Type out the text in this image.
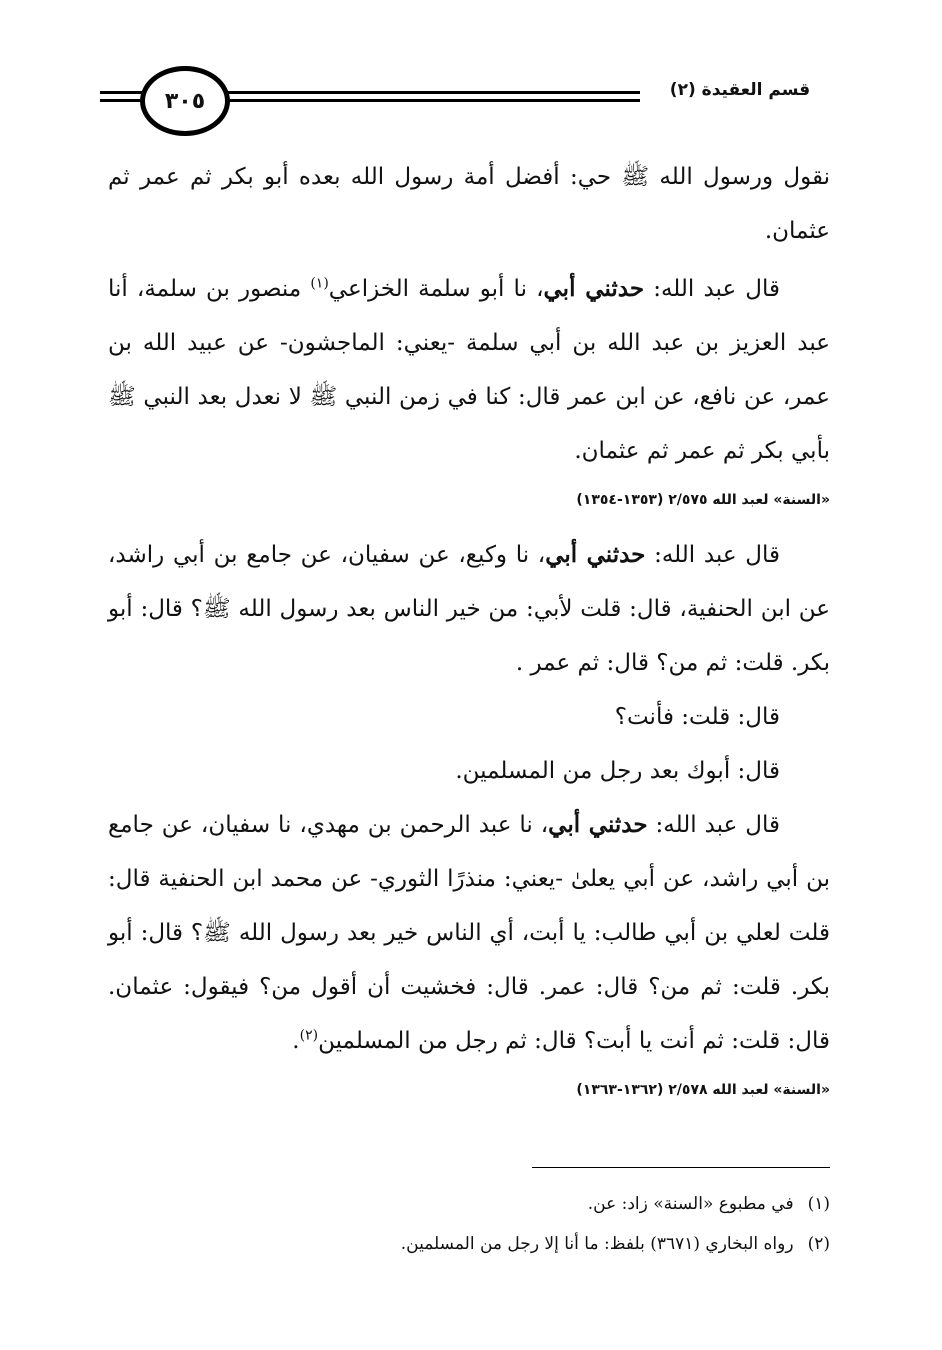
٣٠٥	قسم العقيدة (٢)

نقول ورسول الله ﷺ حي: أفضل أمة رسول الله بعده أبو بكر ثم عمر ثم عثمان.

قال عبد الله: حدثني أبي، نا أبو سلمة الخزاعي$^{(١)}$ منصور بن سلمة، أنا عبد العزيز بن عبد الله بن أبي سلمة -يعني: الماجشون- عن عبيد الله بن عمر، عن نافع، عن ابن عمر قال: كنا في زمن النبي ﷺ لا نعدل بعد النبي ﷺ بأبي بكر ثم عمر ثم عثمان.

«السنة» لعبد الله ٢/٥٧٥ (١٣٥٣-١٣٥٤)

قال عبد الله: حدثني أبي، نا وكيع، عن سفيان، عن جامع بن أبي راشد، عن ابن الحنفية، قال: قلت لأبي: من خير الناس بعد رسول الله ﷺ؟ قال: أبو بكر. قلت: ثم من؟ قال: ثم عمر .

قال: قلت: فأنت؟

قال: أبوك بعد رجل من المسلمين.

قال عبد الله: حدثني أبي، نا عبد الرحمن بن مهدي، نا سفيان، عن جامع بن أبي راشد، عن أبي يعلىٰ -يعني: منذرًا الثوري- عن محمد ابن الحنفية قال: قلت لعلي بن أبي طالب: يا أبت، أي الناس خير بعد رسول الله ﷺ؟ قال: أبو بكر. قلت: ثم من؟ قال: عمر. قال: فخشيت أن أقول من؟ فيقول: عثمان. قال: قلت: ثم أنت يا أبت؟ قال: ثم رجل من المسلمين$^{(٢)}$.

«السنة» لعبد الله ٢/٥٧٨ (١٣٦٢-١٣٦٣)
(١)في مطبوع «السنة» زاد: عن.
(٢)رواه البخاري (٣٦٧١) بلفظ: ما أنا إلا رجل من المسلمين.
